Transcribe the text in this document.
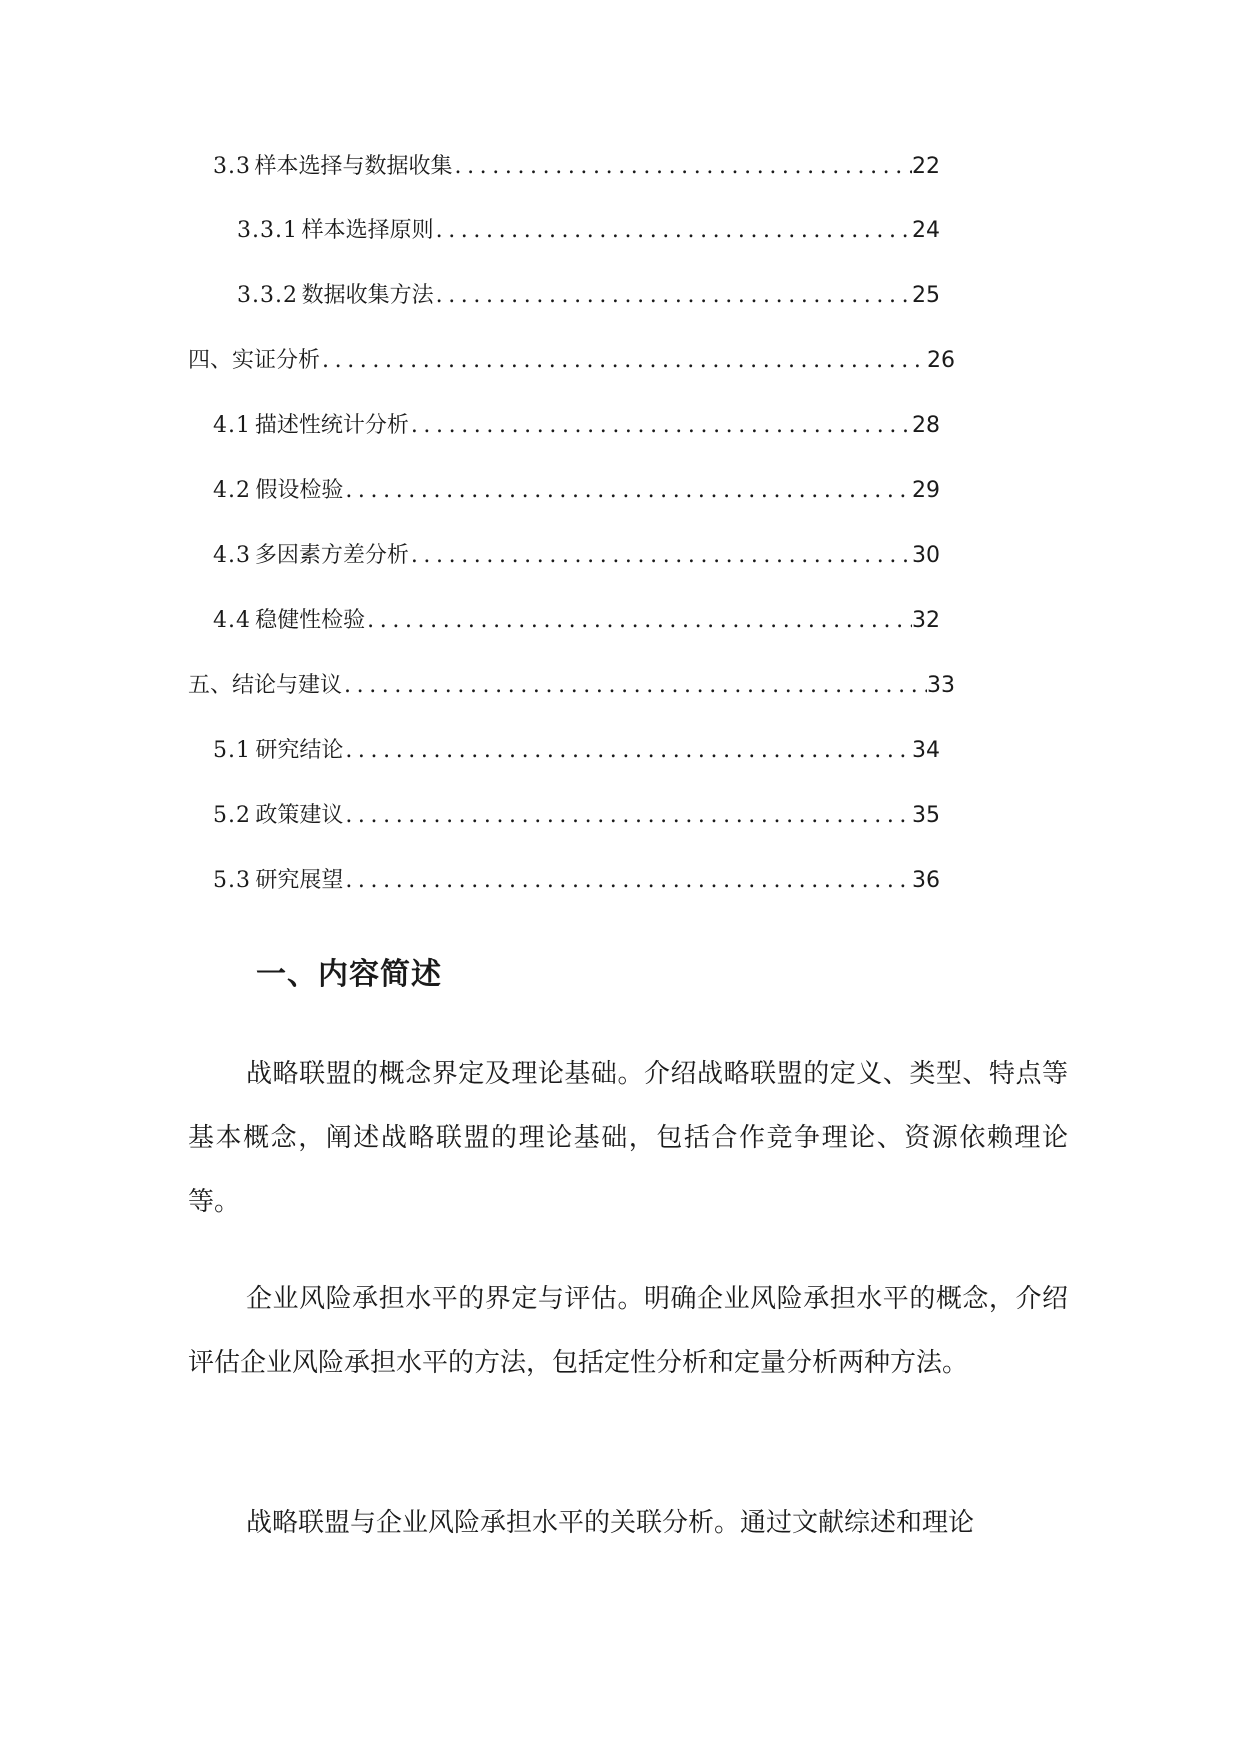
3.3 样本选择与数据收集 .....	22
3.3.1 样本选择原则 .....	24
3.3.2 数据收集方法 .....	25
四、实证分析 .....	26
4.1 描述性统计分析 .....	28
4.2 假设检验 .....	29
4.3 多因素方差分析 .....	30
4.4 稳健性检验 .....	32
五、结论与建议 .....	33
5.1 研究结论 .....	34
5.2 政策建议 .....	35
5.3 研究展望 .....	36
一、内容简述

战略联盟的概念界定及理论基础。介绍战略联盟的定义、类型、特点等基本概念，阐述战略联盟的理论基础，包括合作竞争理论、资源依赖理论等。

企业风险承担水平的界定与评估。明确企业风险承担水平的概念，介绍评估企业风险承担水平的方法，包括定性分析和定量分析两种方法。

战略联盟与企业风险承担水平的关联分析。通过文献综述和理论
